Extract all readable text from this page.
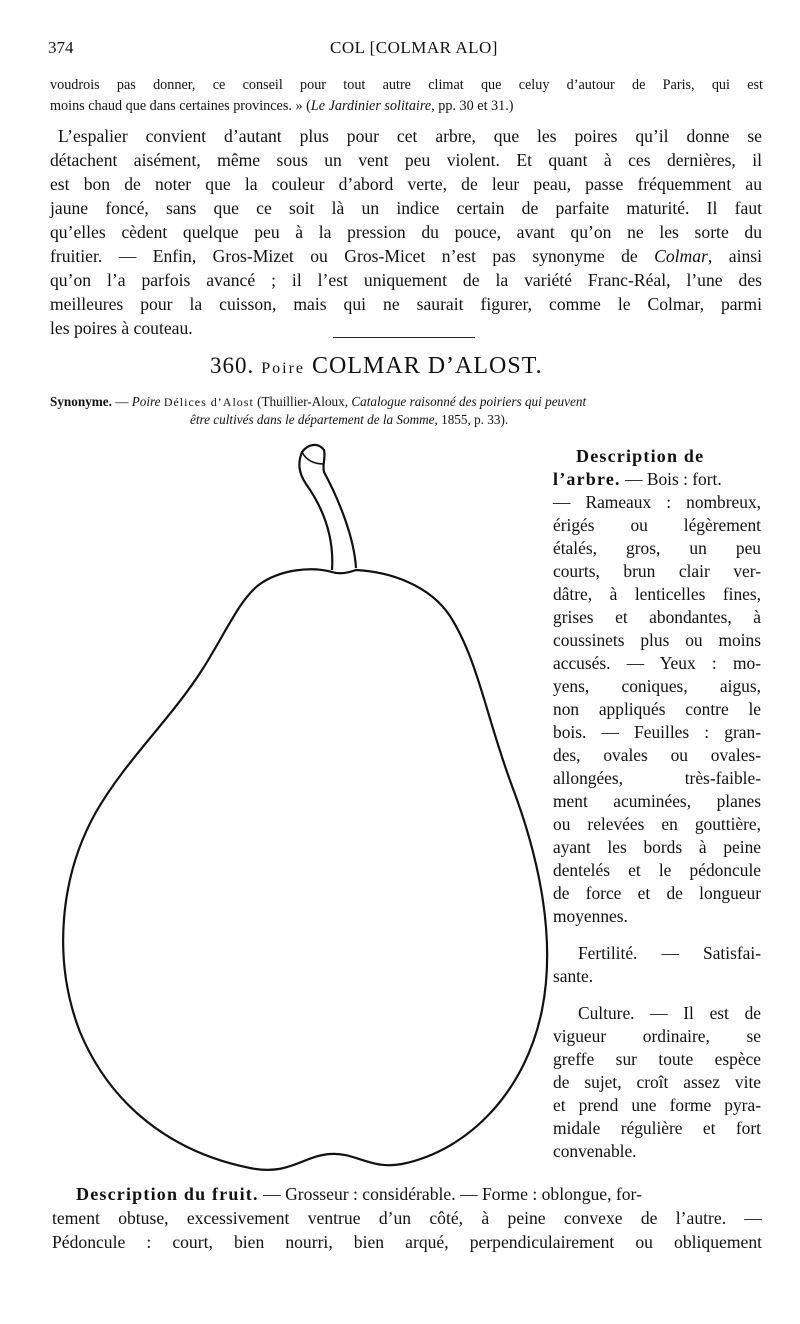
374	COL [COLMAR ALO]
voudrois pas donner, ce conseil pour tout autre climat que celuy d’autour de Paris, qui est
moins chaud que dans certaines provinces. » (Le Jardinier solitaire, pp. 30 et 31.)
L’espalier convient d’autant plus pour cet arbre, que les poires qu’il donne se
détachent aisément, même sous un vent peu violent. Et quant à ces dernières, il
est bon de noter que la couleur d’abord verte, de leur peau, passe fréquemment au
jaune foncé, sans que ce soit là un indice certain de parfaite maturité. Il faut
qu’elles cèdent quelque peu à la pression du pouce, avant qu’on ne les sorte du
fruitier. — Enfin, Gros-Mizet ou Gros-Micet n’est pas synonyme de Colmar, ainsi
qu’on l’a parfois avancé ; il l’est uniquement de la variété Franc-Réal, l’une des
meilleures pour la cuisson, mais qui ne saurait figurer, comme le Colmar, parmi
les poires à couteau.
360. Poire COLMAR D’ALOST.
Synonyme. — Poire Délices d’Alost (Thuillier-Aloux, Catalogue raisonné des poiriers qui peuvent
être cultivés dans le département de la Somme, 1855, p. 33).
Description de
l’arbre. — Bois : fort.
— Rameaux : nombreux,
érigés ou légèrement
étalés, gros, un peu
courts, brun clair ver-
dâtre, à lenticelles fines,
grises et abondantes, à
coussinets plus ou moins
accusés. — Yeux : mo-
yens, coniques, aigus,
non appliqués contre le
bois. — Feuilles : gran-
des, ovales ou ovales-
allongées, très-faible-
ment acuminées, planes
ou relevées en gouttière,
ayant les bords à peine
dentelés et le pédoncule
de force et de longueur
moyennes.
Fertilité. — Satisfai-
sante.
Culture. — Il est de
vigueur ordinaire, se
greffe sur toute espèce
de sujet, croît assez vite
et prend une forme pyra-
midale régulière et fort
convenable.
Description du fruit. — Grosseur : considérable. — Forme : oblongue, for-
tement obtuse, excessivement ventrue d’un côté, à peine convexe de l’autre. —
Pédoncule : court, bien nourri, bien arqué, perpendiculairement ou obliquement
